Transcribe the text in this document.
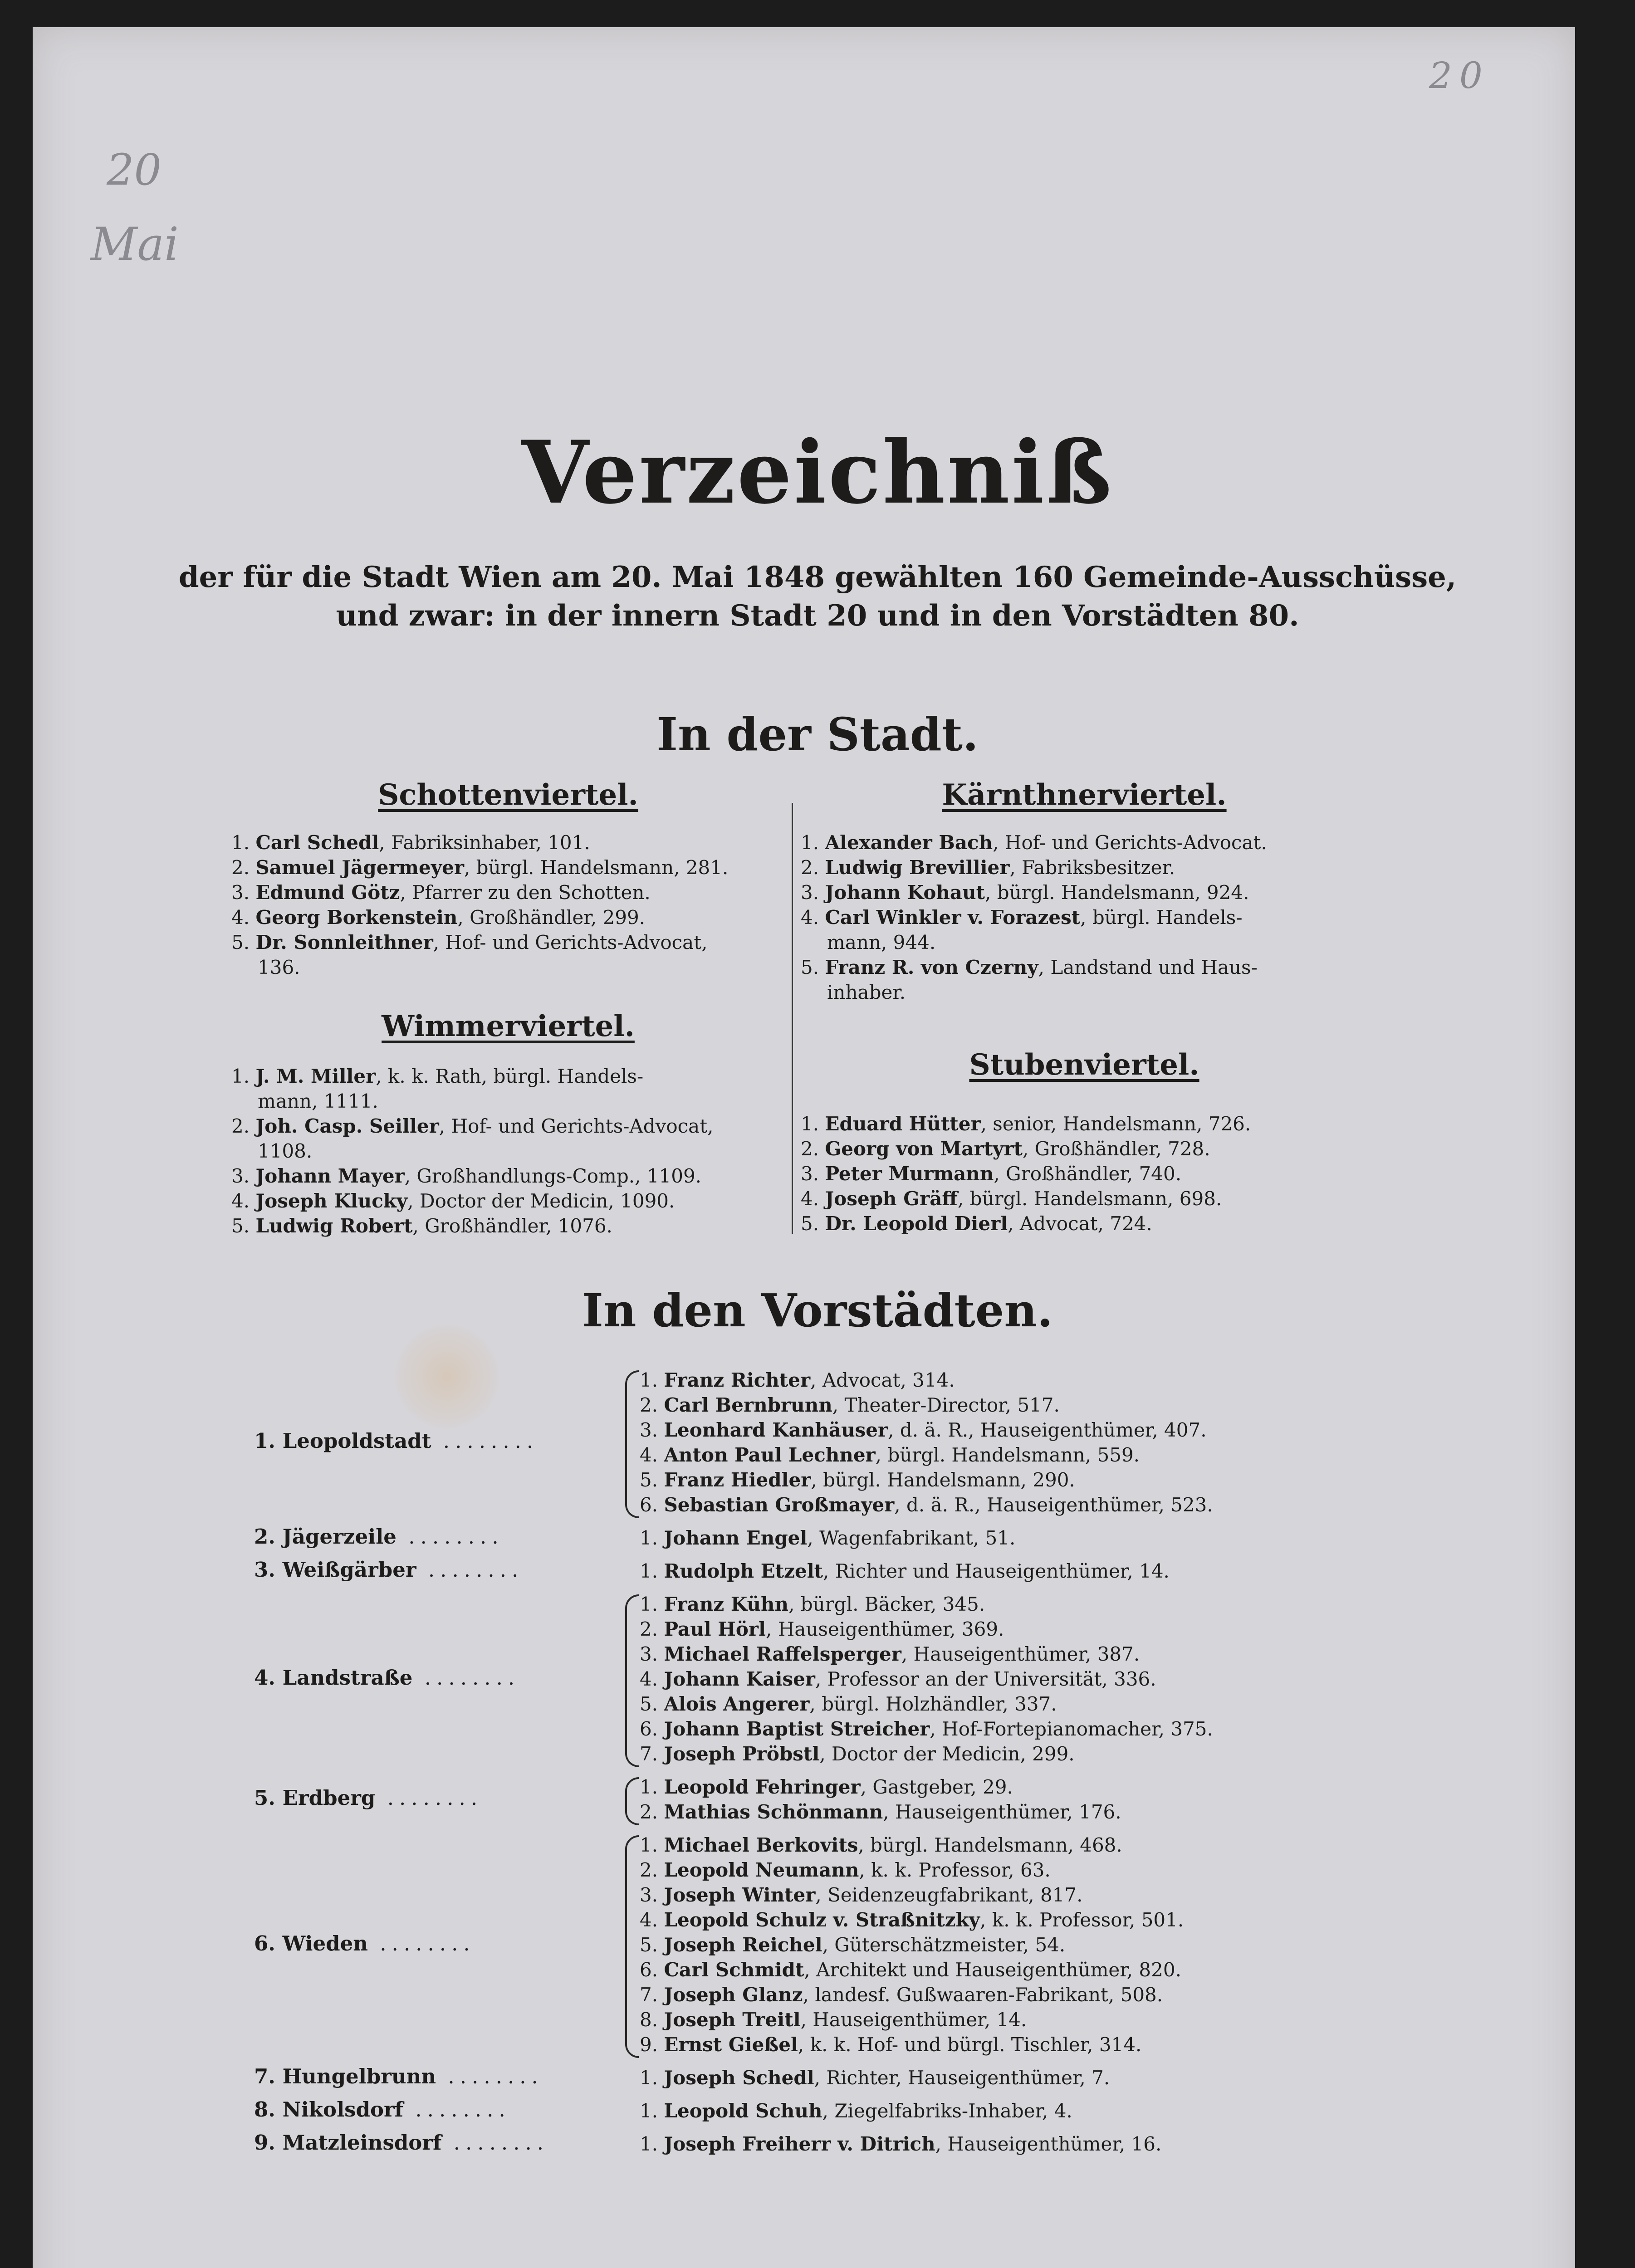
20
20
Mai
Verzeichniß
der für die Stadt Wien am 20. Mai 1848 gewählten 160 Gemeinde-Ausschüsse,
und zwar: in der innern Stadt 20 und in den Vorstädten 80.
In der Stadt.
Schottenviertel.	Kärnthnerviertel.
Wimmerviertel.
Stubenviertel.
1. Carl Schedl, Fabriksinhaber, 101.
2. Samuel Jägermeyer, bürgl. Handelsmann, 281.
3. Edmund Götz, Pfarrer zu den Schotten.
4. Georg Borkenstein, Großhändler, 299.
5. Dr. Sonnleithner, Hof- und Gerichts-Advocat,
136.
1. Alexander Bach, Hof- und Gerichts-Advocat.
2. Ludwig Brevillier, Fabriksbesitzer.
3. Johann Kohaut, bürgl. Handelsmann, 924.
4. Carl Winkler v. Forazest, bürgl. Handels-
mann, 944.
5. Franz R. von Czerny, Landstand und Haus-
inhaber.
1. J. M. Miller, k. k. Rath, bürgl. Handels-
mann, 1111.
2. Joh. Casp. Seiller, Hof- und Gerichts-Advocat,
1108.
3. Johann Mayer, Großhandlungs-Comp., 1109.
4. Joseph Klucky, Doctor der Medicin, 1090.
5. Ludwig Robert, Großhändler, 1076.
1. Eduard Hütter, senior, Handelsmann, 726.
2. Georg von Martyrt, Großhändler, 728.
3. Peter Murmann, Großhändler, 740.
4. Joseph Gräff, bürgl. Handelsmann, 698.
5. Dr. Leopold Dierl, Advocat, 724.
In den Vorstädten.
1. Leopoldstadt ........
1. Franz Richter, Advocat, 314.
2. Carl Bernbrunn, Theater-Director, 517.
3. Leonhard Kanhäuser, d. ä. R., Hauseigenthümer, 407.
4. Anton Paul Lechner, bürgl. Handelsmann, 559.
5. Franz Hiedler, bürgl. Handelsmann, 290.
6. Sebastian Großmayer, d. ä. R., Hauseigenthümer, 523.
2. Jägerzeile ........	1. Johann Engel, Wagenfabrikant, 51.
3. Weißgärber ........	1. Rudolph Etzelt, Richter und Hauseigenthümer, 14.
4. Landstraße ........
1. Franz Kühn, bürgl. Bäcker, 345.
2. Paul Hörl, Hauseigenthümer, 369.
3. Michael Raffelsperger, Hauseigenthümer, 387.
4. Johann Kaiser, Professor an der Universität, 336.
5. Alois Angerer, bürgl. Holzhändler, 337.
6. Johann Baptist Streicher, Hof-Fortepianomacher, 375.
7. Joseph Pröbstl, Doctor der Medicin, 299.
5. Erdberg ........	1. Leopold Fehringer, Gastgeber, 29.
2. Mathias Schönmann, Hauseigenthümer, 176.
6. Wieden ........
1. Michael Berkovits, bürgl. Handelsmann, 468.
2. Leopold Neumann, k. k. Professor, 63.
3. Joseph Winter, Seidenzeugfabrikant, 817.
4. Leopold Schulz v. Straßnitzky, k. k. Professor, 501.
5. Joseph Reichel, Güterschätzmeister, 54.
6. Carl Schmidt, Architekt und Hauseigenthümer, 820.
7. Joseph Glanz, landesf. Gußwaaren-Fabrikant, 508.
8. Joseph Treitl, Hauseigenthümer, 14.
9. Ernst Gießel, k. k. Hof- und bürgl. Tischler, 314.
7. Hungelbrunn ........	1. Joseph Schedl, Richter, Hauseigenthümer, 7.
8. Nikolsdorf ........	1. Leopold Schuh, Ziegelfabriks-Inhaber, 4.
9. Matzleinsdorf ........	1. Joseph Freiherr v. Ditrich, Hauseigenthümer, 16.
